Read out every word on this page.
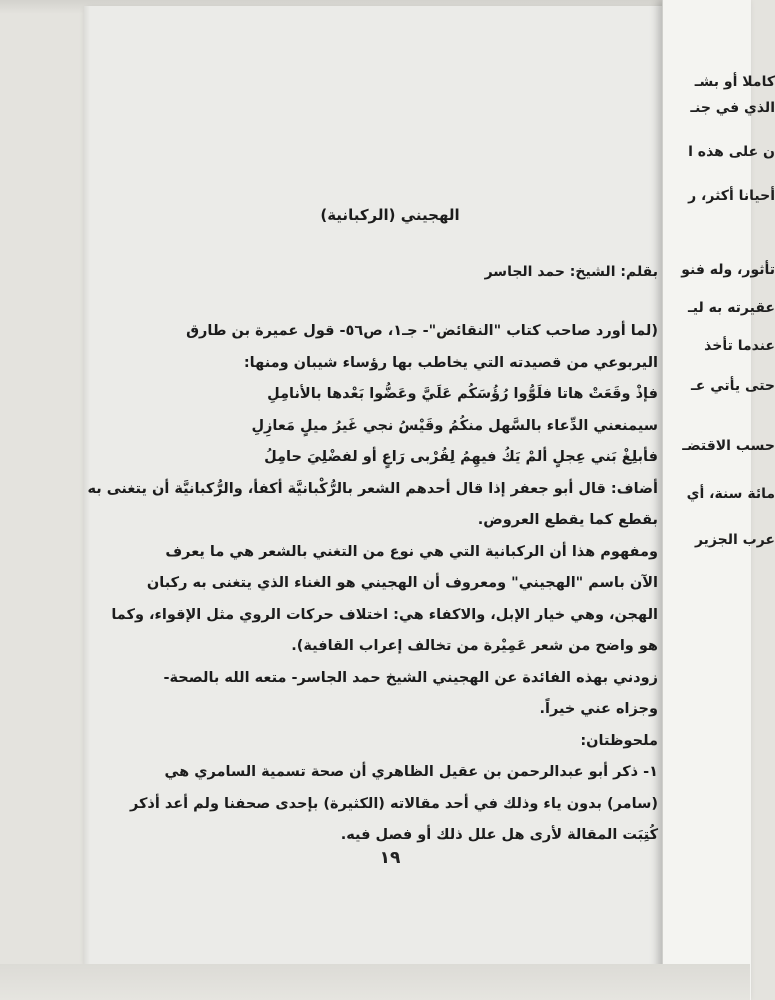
الهجيني (الركبانية)
بقلم: الشيخ: حمد الجاسر
(لما أورد صاحب كتاب "النقائض"- جـ١، ص٥٦- قول عميرة بن طارق
اليربوعي من قصيدته التي يخاطب بها رؤساء شيبان ومنها:
فإذْ وقَعَتْ هاتا فلَوُّوا رُؤُسَكُم عَلَيَّ وعَضُّوا بَعْدها بالأنامِلِ
سيمنعني الدِّعاء بالسَّهل منكُمُ وقَيْسُ نجي غَيرُ ميلٍ مَعازِلِ
فأبلِغْ بَني عِجلٍ ألمْ يَكُ فيهِمُ لِقُرْبى رَاعٍ أو لفضْلِيَ حامِلُ
أضاف: قال أبو جعفر إذا قال أحدهم الشعر بالرُّكْبانيَّة أكفأ، والرُّكبانيَّة أن يتغنى به
بقطع كما يقطع العروض.
ومفهوم هذا أن الركبانية التي هي نوع من التغني بالشعر هي ما يعرف
الآن باسم "الهجيني" ومعروف أن الهجيني هو الغناء الذي يتغنى به ركبان
الهجن، وهي خيار الإبل، والاكفاء هي: اختلاف حركات الروي مثل الإقواء، وكما
هو واضح من شعر عَمِيْرة من تخالف إعراب القافية).
زودني بهذه الفائدة عن الهجيني الشيخ حمد الجاسر- متعه الله بالصحة-
وجزاه عني خيراً.
ملحوظتان:
١- ذكر أبو عبدالرحمن بن عقيل الظاهري أن صحة تسمية السامري هي
(سامر) بدون ياء وذلك في أحد مقالاته (الكثيرة) بإحدى صحفنا ولم أعد أذكر
كُتِبَت المقالة لأرى هل علل ذلك أو فصل فيه.
١٩
كاملا أو بشـ
الذي في جنـ
ن على هذه ا
أحيانا أكثر، ر
تأثور، وله فنو
عقيرته به ليـ
عندما تأخذ
حتى يأتي عـ
حسب الاقتضـ
مائة سنة، أي
عرب الجزير
